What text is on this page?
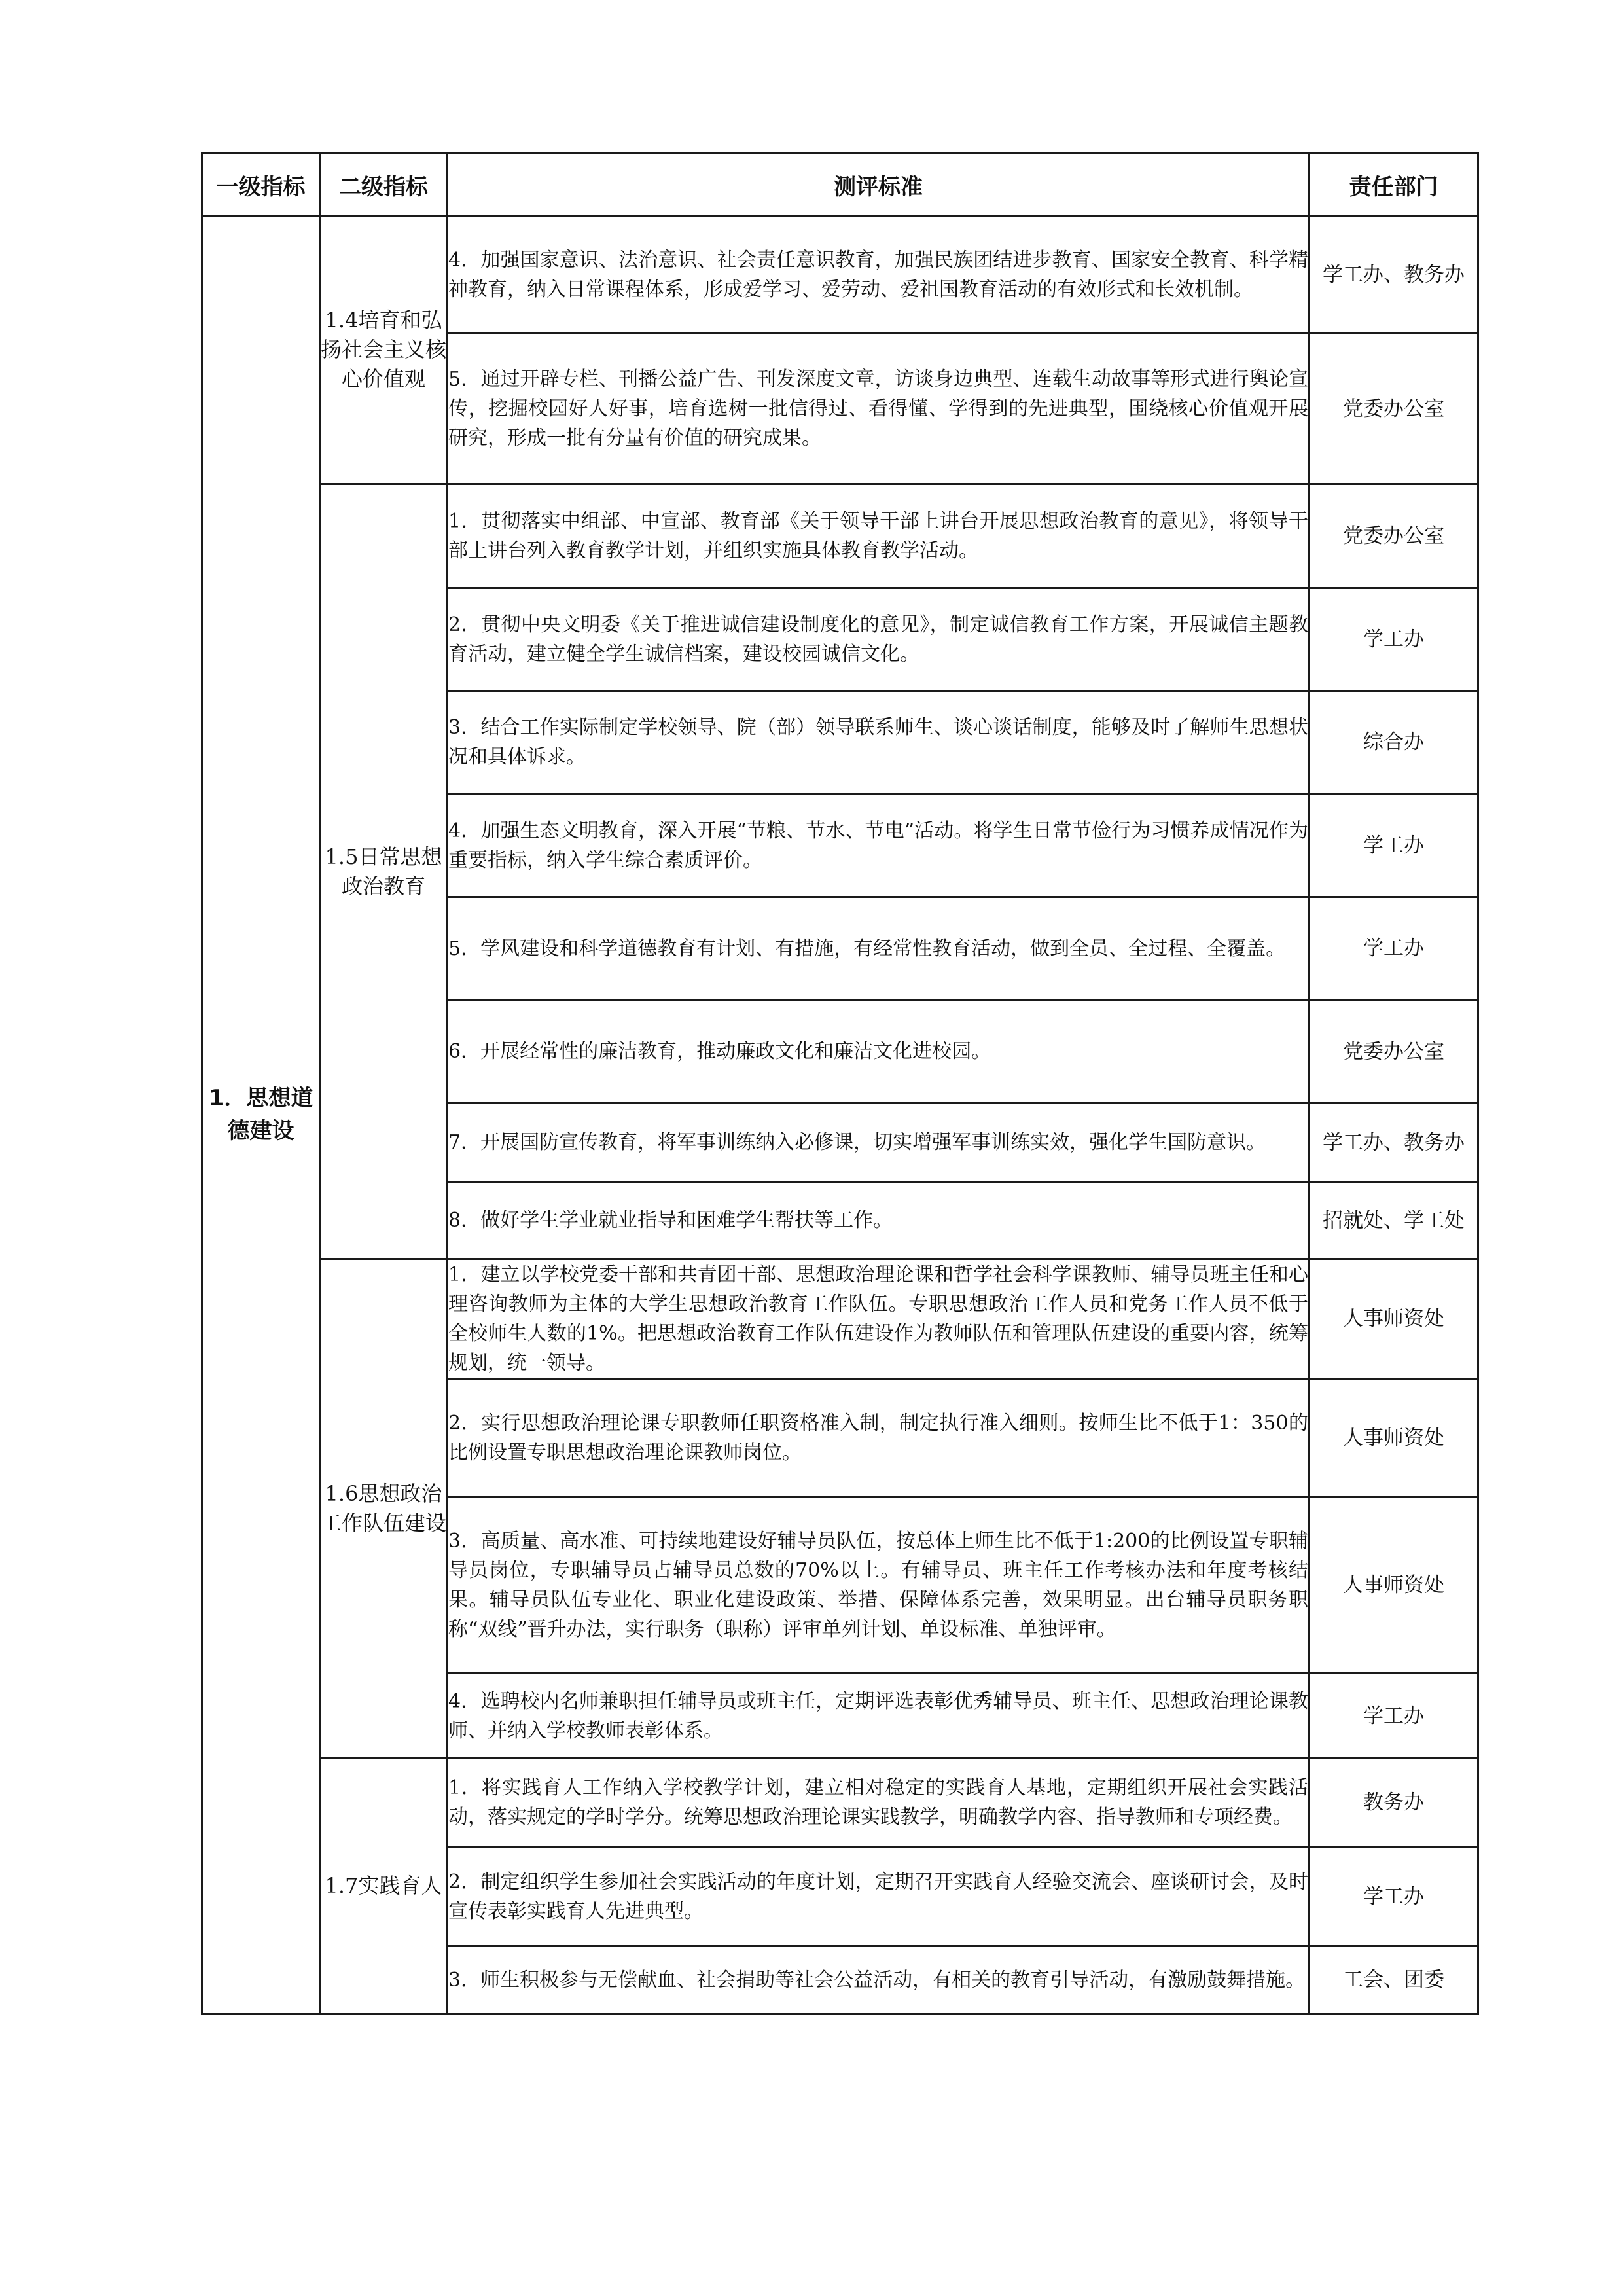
一级指标	二级指标	测评标准	责任部门
1．思想道德建设	1.4培育和弘扬社会主义核心价值观	4．加强国家意识、法治意识、社会责任意识教育，加强民族团结进步教育、国家安全教育、科学精神教育，纳入日常课程体系，形成爱学习、爱劳动、爱祖国教育活动的有效形式和长效机制。	学工办、教务办
		5．通过开辟专栏、刊播公益广告、刊发深度文章，访谈身边典型、连载生动故事等形式进行舆论宣传，挖掘校园好人好事，培育选树一批信得过、看得懂、学得到的先进典型，围绕核心价值观开展研究，形成一批有分量有价值的研究成果。	党委办公室
	1.5日常思想政治教育	1．贯彻落实中组部、中宣部、教育部《关于领导干部上讲台开展思想政治教育的意见》，将领导干部上讲台列入教育教学计划，并组织实施具体教育教学活动。	党委办公室
		2．贯彻中央文明委《关于推进诚信建设制度化的意见》，制定诚信教育工作方案，开展诚信主题教育活动，建立健全学生诚信档案，建设校园诚信文化。	学工办
		3．结合工作实际制定学校领导、院（部）领导联系师生、谈心谈话制度，能够及时了解师生思想状况和具体诉求。	综合办
		4．加强生态文明教育，深入开展“节粮、节水、节电”活动。将学生日常节俭行为习惯养成情况作为重要指标，纳入学生综合素质评价。	学工办
		5．学风建设和科学道德教育有计划、有措施，有经常性教育活动，做到全员、全过程、全覆盖。	学工办
		6．开展经常性的廉洁教育，推动廉政文化和廉洁文化进校园。	党委办公室
		7．开展国防宣传教育，将军事训练纳入必修课，切实增强军事训练实效，强化学生国防意识。	学工办、教务办
		8．做好学生学业就业指导和困难学生帮扶等工作。	招就处、学工处
	1.6思想政治工作队伍建设	1．建立以学校党委干部和共青团干部、思想政治理论课和哲学社会科学课教师、辅导员班主任和心理咨询教师为主体的大学生思想政治教育工作队伍。专职思想政治工作人员和党务工作人员不低于全校师生人数的1%。把思想政治教育工作队伍建设作为教师队伍和管理队伍建设的重要内容，统筹规划，统一领导。	人事师资处
		2．实行思想政治理论课专职教师任职资格准入制，制定执行准入细则。按师生比不低于1：350的比例设置专职思想政治理论课教师岗位。	人事师资处
		3．高质量、高水准、可持续地建设好辅导员队伍，按总体上师生比不低于1:200的比例设置专职辅导员岗位，专职辅导员占辅导员总数的70%以上。有辅导员、班主任工作考核办法和年度考核结果。辅导员队伍专业化、职业化建设政策、举措、保障体系完善，效果明显。出台辅导员职务职称“双线”晋升办法，实行职务（职称）评审单列计划、单设标准、单独评审。	人事师资处
		4．选聘校内名师兼职担任辅导员或班主任，定期评选表彰优秀辅导员、班主任、思想政治理论课教师、并纳入学校教师表彰体系。	学工办
	1.7实践育人	1．将实践育人工作纳入学校教学计划，建立相对稳定的实践育人基地，定期组织开展社会实践活动，落实规定的学时学分。统筹思想政治理论课实践教学，明确教学内容、指导教师和专项经费。	教务办
		2．制定组织学生参加社会实践活动的年度计划，定期召开实践育人经验交流会、座谈研讨会，及时宣传表彰实践育人先进典型。	学工办
		3．师生积极参与无偿献血、社会捐助等社会公益活动，有相关的教育引导活动，有激励鼓舞措施。	工会、团委
